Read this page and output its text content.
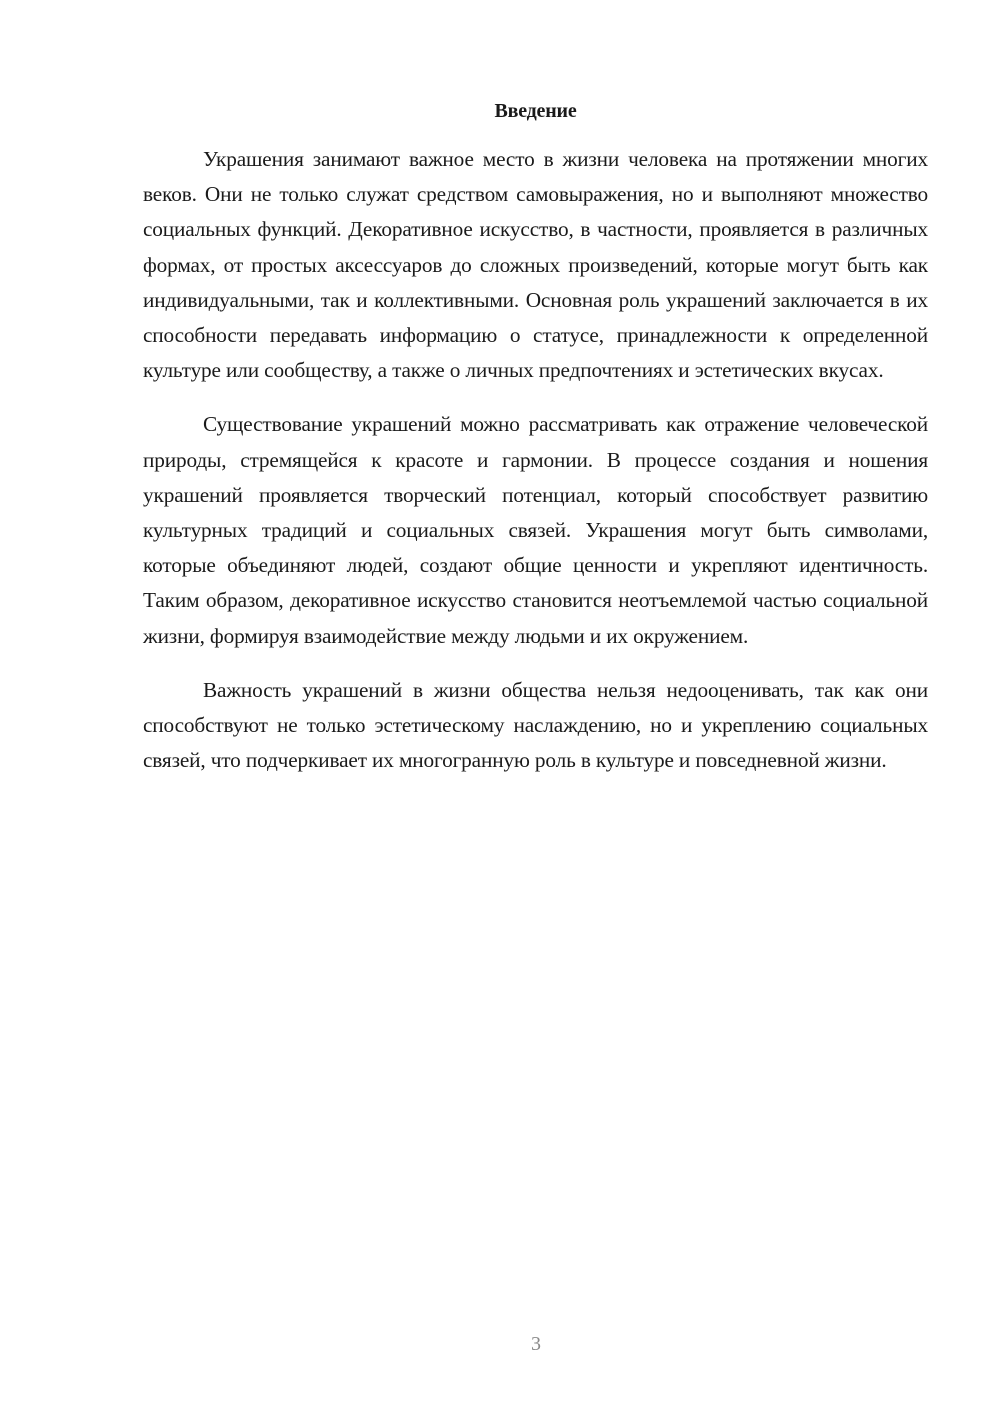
Введение

Украшения занимают важное место в жизни человека на протяжении многих веков. Они не только служат средством самовыражения, но и выполняют множество социальных функций. Декоративное искусство, в частности, проявляется в различных формах, от простых аксессуаров до сложных произведений, которые могут быть как индивидуальными, так и коллективными. Основная роль украшений заключается в их способности передавать информацию о статусе, принадлежности к определенной культуре или сообществу, а также о личных предпочтениях и эстетических вкусах.

Существование украшений можно рассматривать как отражение человеческой природы, стремящейся к красоте и гармонии. В процессе создания и ношения украшений проявляется творческий потенциал, который способствует развитию культурных традиций и социальных связей. Украшения могут быть символами, которые объединяют людей, создают общие ценности и укрепляют идентичность. Таким образом, декоративное искусство становится неотъемлемой частью социальной жизни, формируя взаимодействие между людьми и их окружением.

Важность украшений в жизни общества нельзя недооценивать, так как они способствуют не только эстетическому наслаждению, но и укреплению социальных связей, что подчеркивает их многогранную роль в культуре и повседневной жизни.

3
